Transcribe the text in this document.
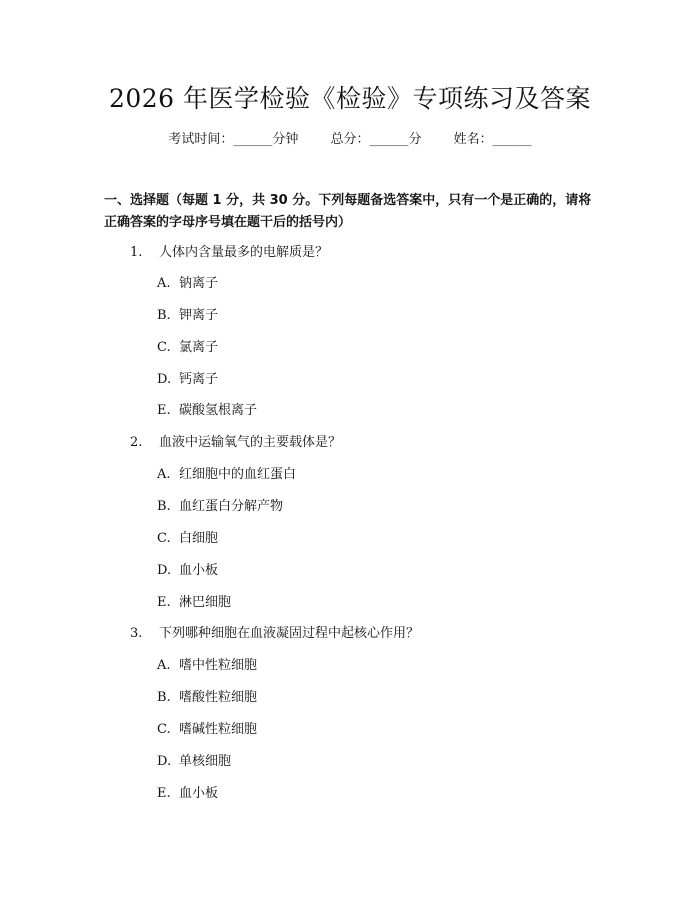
2026 年医学检验《检验》专项练习及答案
考试时间：______分钟 总分：______分 姓名：______
一、选择题（每题 1 分，共 30 分。下列每题备选答案中，只有一个是正确的，请将正确答案的字母序号填在题干后的括号内）
1. 人体内含量最多的电解质是？
A. 钠离子
B. 钾离子
C. 氯离子
D. 钙离子
E. 碳酸氢根离子
2. 血液中运输氧气的主要载体是？
A. 红细胞中的血红蛋白
B. 血红蛋白分解产物
C. 白细胞
D. 血小板
E. 淋巴细胞
3. 下列哪种细胞在血液凝固过程中起核心作用？
A. 嗜中性粒细胞
B. 嗜酸性粒细胞
C. 嗜碱性粒细胞
D. 单核细胞
E. 血小板
